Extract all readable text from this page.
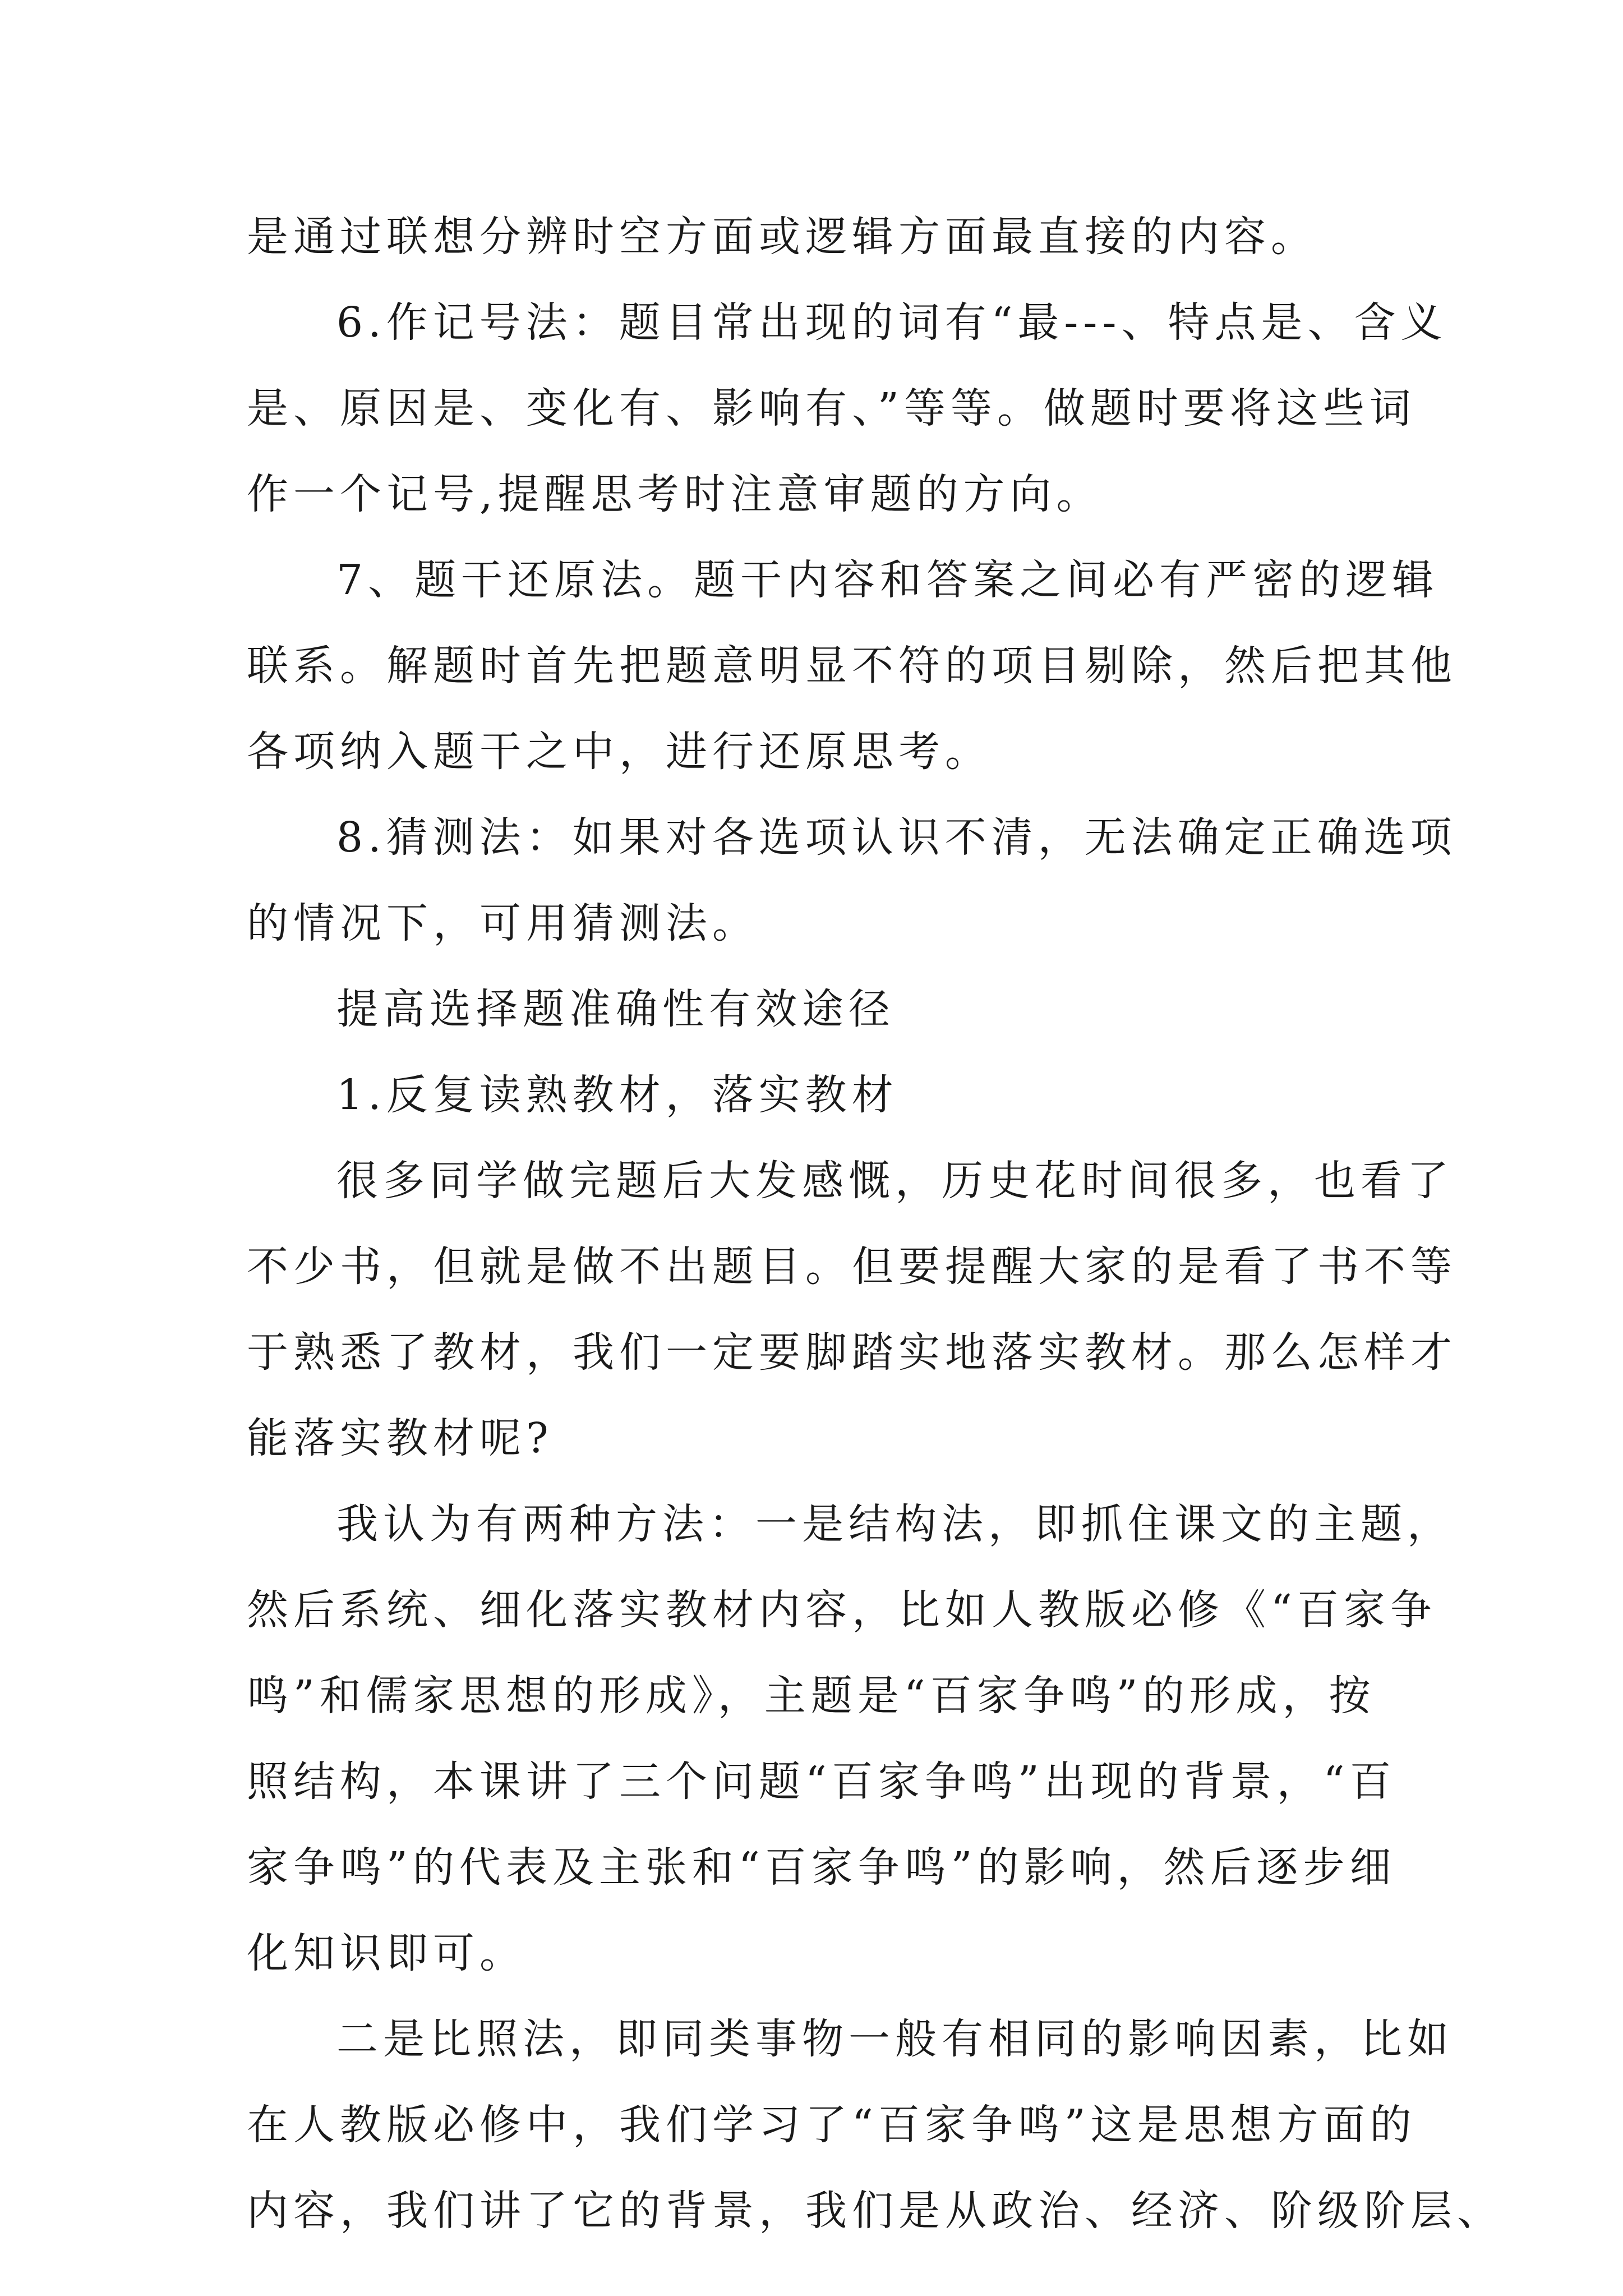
是通过联想分辨时空方面或逻辑方面最直接的内容。
6.作记号法：题目常出现的词有“最---、特点是、含义
是、原因是、变化有、影响有、”等等。做题时要将这些词
作一个记号,提醒思考时注意审题的方向。
7、题干还原法。题干内容和答案之间必有严密的逻辑
联系。解题时首先把题意明显不符的项目剔除，然后把其他
各项纳入题干之中，进行还原思考。
8.猜测法：如果对各选项认识不清，无法确定正确选项
的情况下，可用猜测法。
提高选择题准确性有效途径
1.反复读熟教材，落实教材
很多同学做完题后大发感慨，历史花时间很多，也看了
不少书，但就是做不出题目。但要提醒大家的是看了书不等
于熟悉了教材，我们一定要脚踏实地落实教材。那么怎样才
能落实教材呢?
我认为有两种方法：一是结构法，即抓住课文的主题，
然后系统、细化落实教材内容，比如人教版必修《“百家争
鸣”和儒家思想的形成》，主题是“百家争鸣”的形成，按
照结构，本课讲了三个问题“百家争鸣”出现的背景，“百
家争鸣”的代表及主张和“百家争鸣”的影响，然后逐步细
化知识即可。
二是比照法，即同类事物一般有相同的影响因素，比如
在人教版必修中，我们学习了“百家争鸣”这是思想方面的
内容，我们讲了它的背景，我们是从政治、经济、阶级阶层、
